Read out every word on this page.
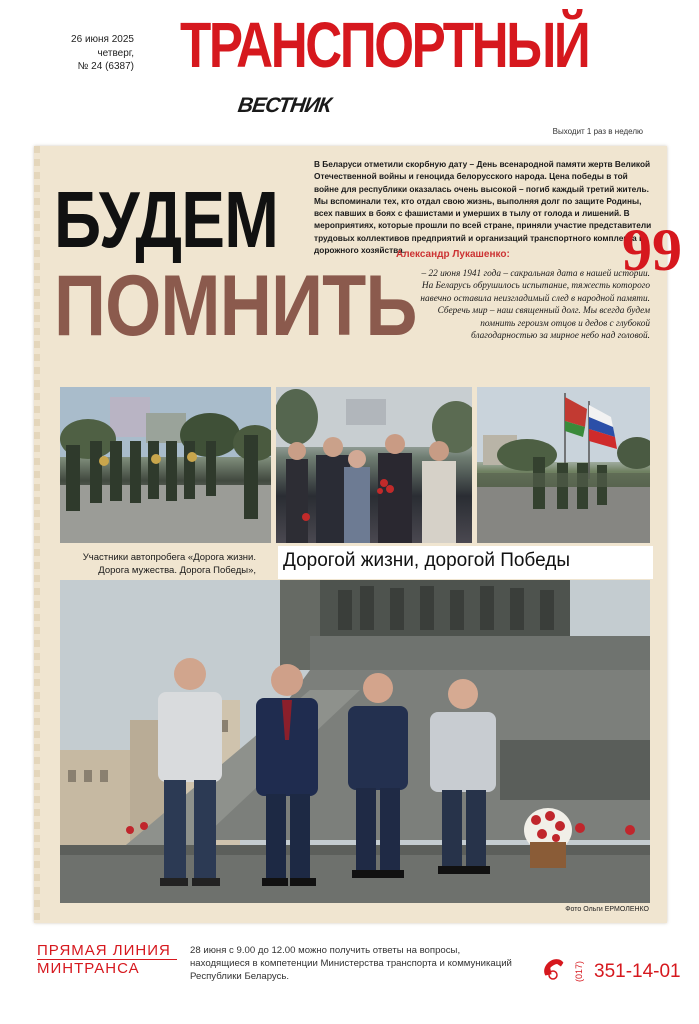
26 июня 2025
четверг,
№ 24 (6387) ТРАНСПОРТНЫЙ
ВЕСТНИК
Выходит 1 раз в неделю
БУДЕМ
ПОМНИТЬ
В Беларуси отметили скорбную дату – День всенародной памяти жертв Великой Отечественной войны и геноцида белорусского народа. Цена победы в той войне для республики оказалась очень высокой – погиб каждый третий житель. Мы вспоминали тех, кто отдал свою жизнь, выполняя долг по защите Родины, всех павших в боях с фашистами и умерших в тылу от голода и лишений. В мероприятиях, которые прошли по всей стране, приняли участие представители трудовых коллективов предприятий и организаций транспортного комплекса и дорожного хозяйства.
Александр Лукашенко: 99
– 22 июня 1941 года – сакральная дата в нашей истории. На Беларусь обрушилось испытание, тяжесть которого навечно оставила неизгладимый след в народной памяти. Сберечь мир – наш священный долг. Мы всегда будем помнить героизм отцов и дедов с глубокой благодарностью за мирное небо над головой.
Участники автопробега «Дорога жизни. Дорога мужества. Дорога Победы», Дорогой жизни, дорогой Победы
Фото Ольги ЕРМОЛЕНКО
ПРЯМАЯ ЛИНИЯ
МИНТРАНСА
28 июня с 9.00 до 12.00 можно получить ответы на вопросы, находящиеся в компетенции Министерства транспорта и коммуникаций Республики Беларусь.	(017) 351-14-01
